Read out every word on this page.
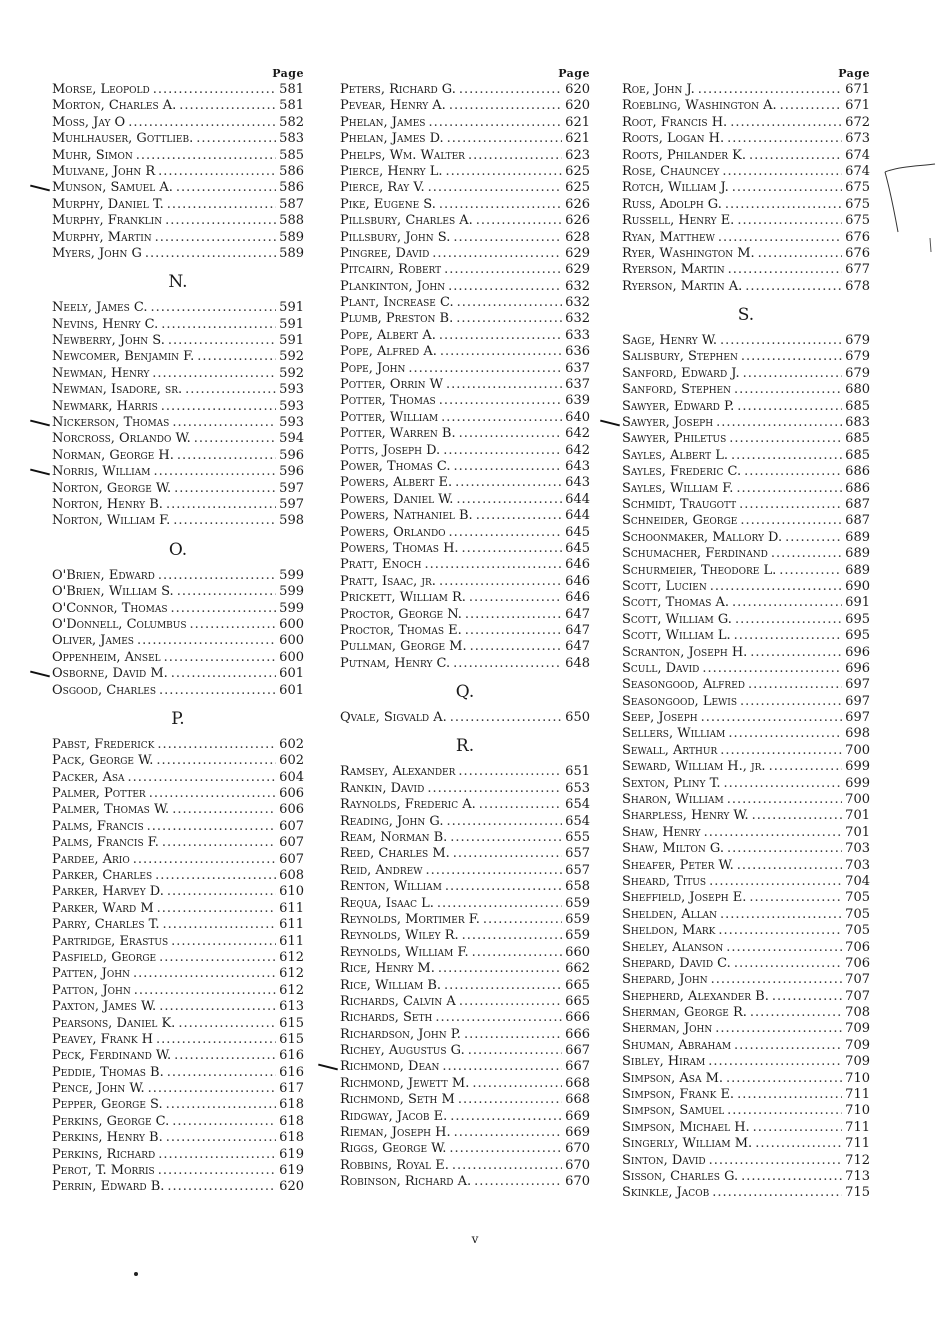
Page
Morse, Leopold .....	581
Morton, Charles A. .....	581
Moss, Jay O .....	582
Muhlhauser, Gottlieb. .....	583
Muhr, Simon .....	585
Mulvane, John R .....	586
Munson, Samuel A. .....	586
Murphy, Daniel T. .....	587
Murphy, Franklin .....	588
Murphy, Martin .....	589
Myers, John G .....	589
N.
Neely, James C. .....	591
Nevins, Henry C. .....	591
Newberry, John S. .....	591
Newcomer, Benjamin F. .....	592
Newman, Henry .....	592
Newman, Isadore, sr. .....	593
Newmark, Harris .....	593
Nickerson, Thomas .....	593
Norcross, Orlando W. .....	594
Norman, George H. .....	596
Norris, William .....	596
Norton, George W. .....	597
Norton, Henry B. .....	597
Norton, William F. .....	598
O.
O'Brien, Edward .....	599
O'Brien, William S. .....	599
O'Connor, Thomas .....	599
O'Donnell, Columbus .....	600
Oliver, James .....	600
Oppenheim, Ansel .....	600
Osborne, David M. .....	601
Osgood, Charles .....	601
P.
Pabst, Frederick .....	602
Pack, George W. .....	602
Packer, Asa .....	604
Palmer, Potter .....	606
Palmer, Thomas W. .....	606
Palms, Francis .....	607
Palms, Francis F. .....	607
Pardee, Ario .....	607
Parker, Charles .....	608
Parker, Harvey D. .....	610
Parker, Ward M .....	611
Parry, Charles T. .....	611
Partridge, Erastus .....	611
Pasfield, George .....	612
Patten, John .....	612
Patton, John .....	612
Paxton, James W. .....	613
Pearsons, Daniel K. .....	615
Peavey, Frank H .....	615
Peck, Ferdinand W. .....	616
Peddie, Thomas B. .....	616
Pence, John W. .....	617
Pepper, George S. .....	618
Perkins, George C. .....	618
Perkins, Henry B. .....	618
Perkins, Richard .....	619
Perot, T. Morris .....	619
Perrin, Edward B. .....	620
Page
Peters, Richard G. .....	620
Pevear, Henry A. .....	620
Phelan, James .....	621
Phelan, James D. .....	621
Phelps, Wm. Walter .....	623
Pierce, Henry L. .....	625
Pierce, Ray V. .....	625
Pike, Eugene S. .....	626
Pillsbury, Charles A. .....	626
Pillsbury, John S. .....	628
Pingree, David .....	629
Pitcairn, Robert .....	629
Plankinton, John .....	632
Plant, Increase C. .....	632
Plumb, Preston B. .....	632
Pope, Albert A. .....	633
Pope, Alfred A. .....	636
Pope, John .....	637
Potter, Orrin W .....	637
Potter, Thomas .....	639
Potter, William .....	640
Potter, Warren B. .....	642
Potts, Joseph D. .....	642
Power, Thomas C. .....	643
Powers, Albert E. .....	643
Powers, Daniel W. .....	644
Powers, Nathaniel B. .....	644
Powers, Orlando .....	645
Powers, Thomas H. .....	645
Pratt, Enoch .....	646
Pratt, Isaac, jr. .....	646
Prickett, William R. .....	646
Proctor, George N. .....	647
Proctor, Thomas E. .....	647
Pullman, George M. .....	647
Putnam, Henry C. .....	648
Q.
Qvale, Sigvald A. .....	650
R.
Ramsey, Alexander .....	651
Rankin, David .....	653
Raynolds, Frederic A. .....	654
Reading, John G. .....	654
Ream, Norman B. .....	655
Reed, Charles M. .....	657
Reid, Andrew .....	657
Renton, William .....	658
Requa, Isaac L. .....	659
Reynolds, Mortimer F. .....	659
Reynolds, Wiley R. .....	659
Reynolds, William F. .....	660
Rice, Henry M. .....	662
Rice, William B. .....	665
Richards, Calvin A .....	665
Richards, Seth .....	666
Richardson, John P. .....	666
Richey, Augustus G. .....	667
Richmond, Dean .....	667
Richmond, Jewett M. .....	668
Richmond, Seth M .....	668
Ridgway, Jacob E. .....	669
Rieman, Joseph H. .....	669
Riggs, George W. .....	670
Robbins, Royal E. .....	670
Robinson, Richard A. .....	670
Page
Roe, John J. .....	671
Roebling, Washington A. .....	671
Root, Francis H. .....	672
Roots, Logan H. .....	673
Roots, Philander K. .....	674
Rose, Chauncey .....	674
Rotch, William J. .....	675
Russ, Adolph G. .....	675
Russell, Henry E. .....	675
Ryan, Matthew .....	676
Ryer, Washington M. .....	676
Ryerson, Martin .....	677
Ryerson, Martin A. .....	678
S.
Sage, Henry W. .....	679
Salisbury, Stephen .....	679
Sanford, Edward J. .....	679
Sanford, Stephen .....	680
Sawyer, Edward P. .....	685
Sawyer, Joseph .....	683
Sawyer, Philetus .....	685
Sayles, Albert L. .....	685
Sayles, Frederic C. .....	686
Sayles, William F. .....	686
Schmidt, Traugott .....	687
Schneider, George .....	687
Schoonmaker, Mallory D. .....	689
Schumacher, Ferdinand .....	689
Schurmeier, Theodore L. .....	689
Scott, Lucien .....	690
Scott, Thomas A. .....	691
Scott, William G. .....	695
Scott, William L. .....	695
Scranton, Joseph H. .....	696
Scull, David .....	696
Seasongood, Alfred .....	697
Seasongood, Lewis .....	697
Seep, Joseph .....	697
Sellers, William .....	698
Sewall, Arthur .....	700
Seward, William H., jr. .....	699
Sexton, Pliny T. .....	699
Sharon, William .....	700
Sharpless, Henry W. .....	701
Shaw, Henry .....	701
Shaw, Milton G. .....	703
Sheafer, Peter W. .....	703
Sheard, Titus .....	704
Sheffield, Joseph E. .....	705
Shelden, Allan .....	705
Sheldon, Mark .....	705
Sheley, Alanson .....	706
Shepard, David C. .....	706
Shepard, John .....	707
Shepherd, Alexander B. .....	707
Sherman, George R. .....	708
Sherman, John .....	709
Shuman, Abraham .....	709
Sibley, Hiram .....	709
Simpson, Asa M. .....	710
Simpson, Frank E. .....	711
Simpson, Samuel .....	710
Simpson, Michael H. .....	711
Singerly, William M. .....	711
Sinton, David .....	712
Sisson, Charles G. .....	713
Skinkle, Jacob .....	715
v
